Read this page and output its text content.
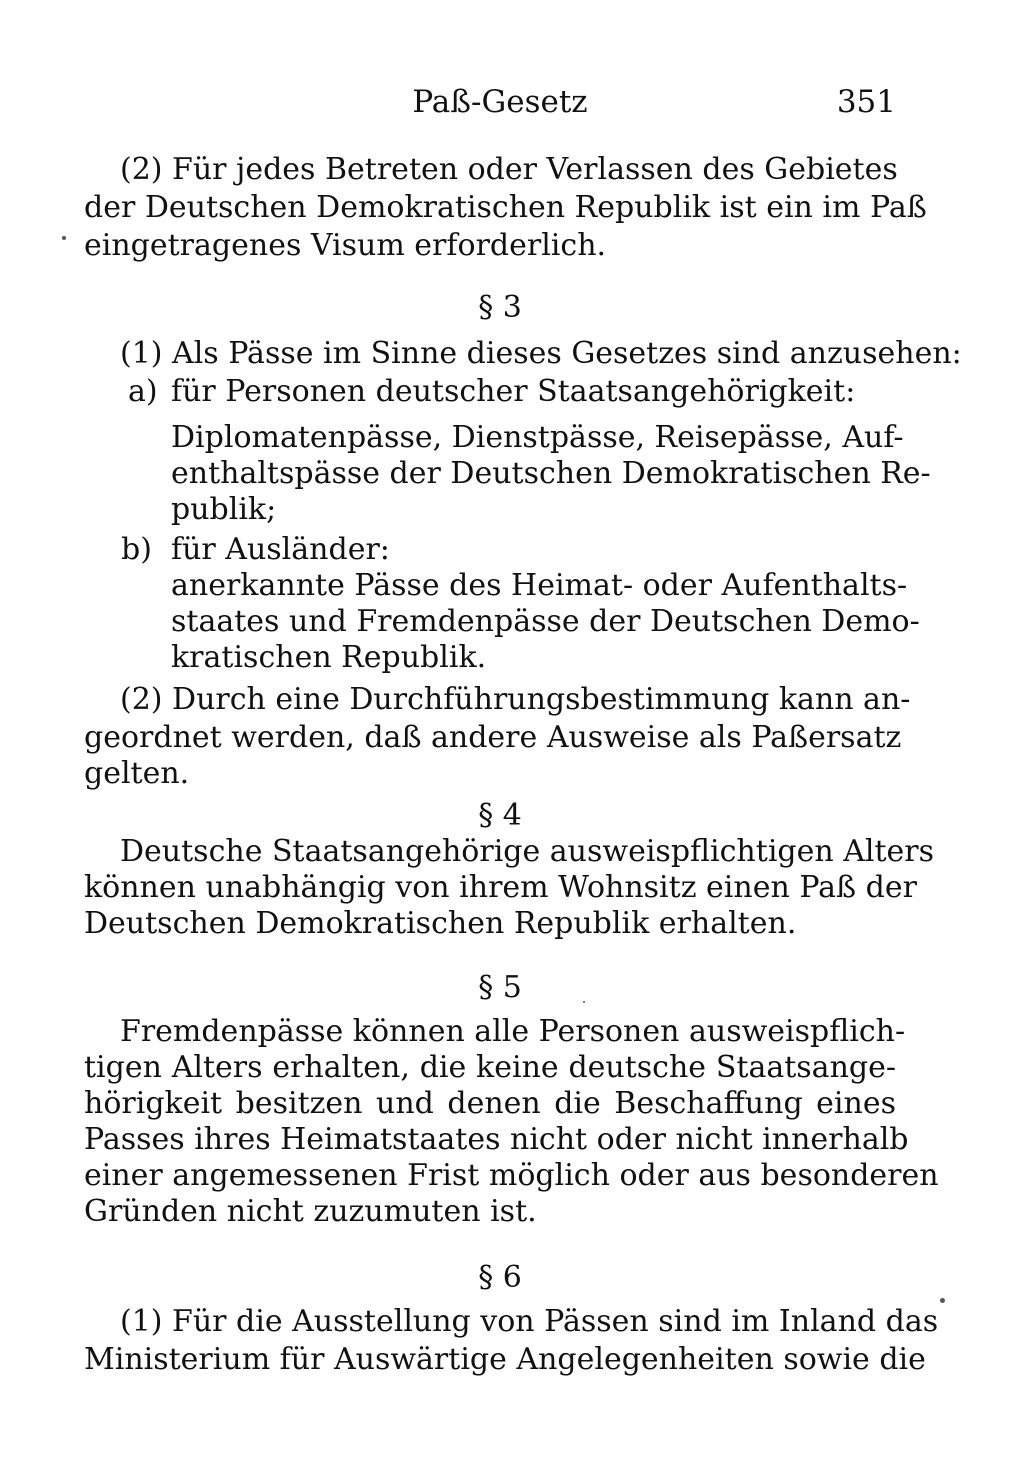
Paß-Gesetz	351
(2) Für jedes Betreten oder Verlassen des Gebietes
der Deutschen Demokratischen Republik ist ein im Paß
eingetragenes Visum erforderlich.
§ 3
(1) Als Pässe im Sinne dieses Gesetzes sind anzusehen:
a) für Personen deutscher Staatsangehörigkeit:
Diplomatenpässe, Dienstpässe, Reisepässe, Auf-
enthaltspässe der Deutschen Demokratischen Re-
publik;
b) für Ausländer:
anerkannte Pässe des Heimat- oder Aufenthalts-
staates und Fremdenpässe der Deutschen Demo-
kratischen Republik.
(2) Durch eine Durchführungsbestimmung kann an-
geordnet werden, daß andere Ausweise als Paßersatz
gelten.
§ 4
Deutsche Staatsangehörige ausweispflichtigen Alters
können unabhängig von ihrem Wohnsitz einen Paß der
Deutschen Demokratischen Republik erhalten.
§ 5
Fremdenpässe können alle Personen ausweispflich-
tigen Alters erhalten, die keine deutsche Staatsange-
hörigkeit besitzen und denen die Beschaffung eines
Passes ihres Heimatstaates nicht oder nicht innerhalb
einer angemessenen Frist möglich oder aus besonderen
Gründen nicht zuzumuten ist.
§ 6
(1) Für die Ausstellung von Pässen sind im Inland das
Ministerium für Auswärtige Angelegenheiten sowie die
